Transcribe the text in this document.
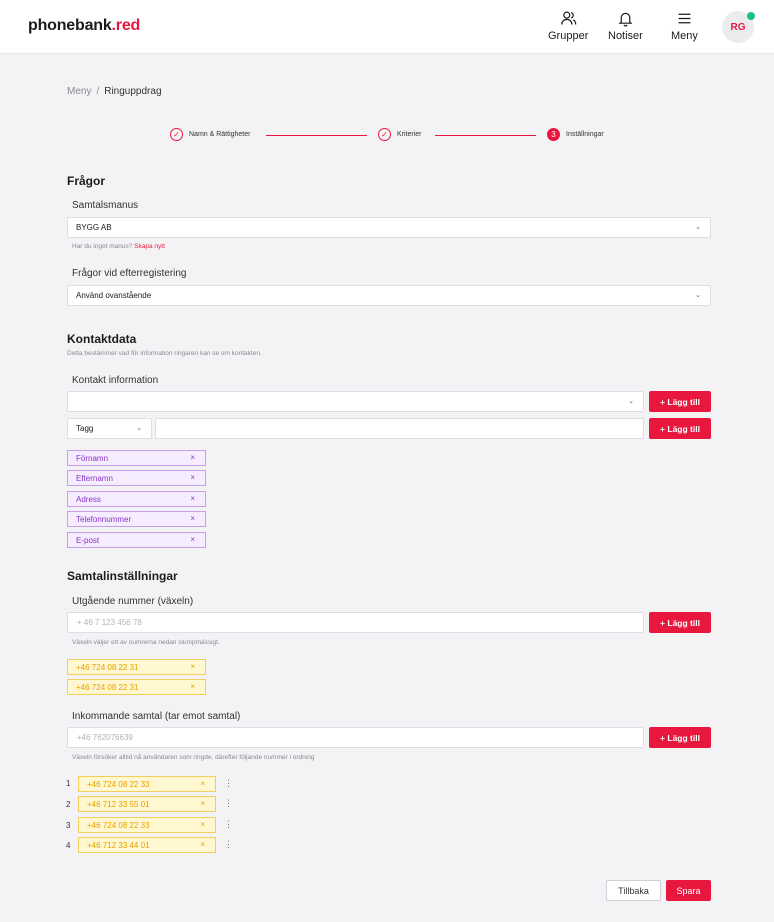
phonebank.red
Grupper Notiser	Meny
RG
Meny / Ringuppdrag
✓	Namn & Rättigheter	✓	Kriterier	3	Inställningar
Frågor
Samtalsmanus
BYGG AB	⌄
Har du inget manus? Skapa nytt
Frågor vid efterregistering
Använd ovanstående	⌄
Kontaktdata
Detta bestämmer vad för information ringaren kan se om kontakten.
Kontakt information
⌄	+ Lägg till
Tagg	⌄	+ Lägg till
Förnamn	×
Efternamn	×
Adress	×
Telefonnummer	×
E-post	×
Samtalinställningar
Utgående nummer (växeln)
+ 46 7 123 456 78	+ Lägg till
Växeln väljer ett av numrerna nedan slumpmässigt.
+46 724 08 22 31	×
+46 724 08 22 31	×
Inkommande samtal (tar emot samtal)
+46 762076639	+ Lägg till
Växeln försöker alltid nå användaren som ringde, därefter följande nummer i ordning
1 +46 724 08 22 33	× ⋮
2 +46 712 33 55 01	× ⋮
3 +46 724 08 22 33	× ⋮
4 +46 712 33 44 01	× ⋮
Tillbaka	Spara
